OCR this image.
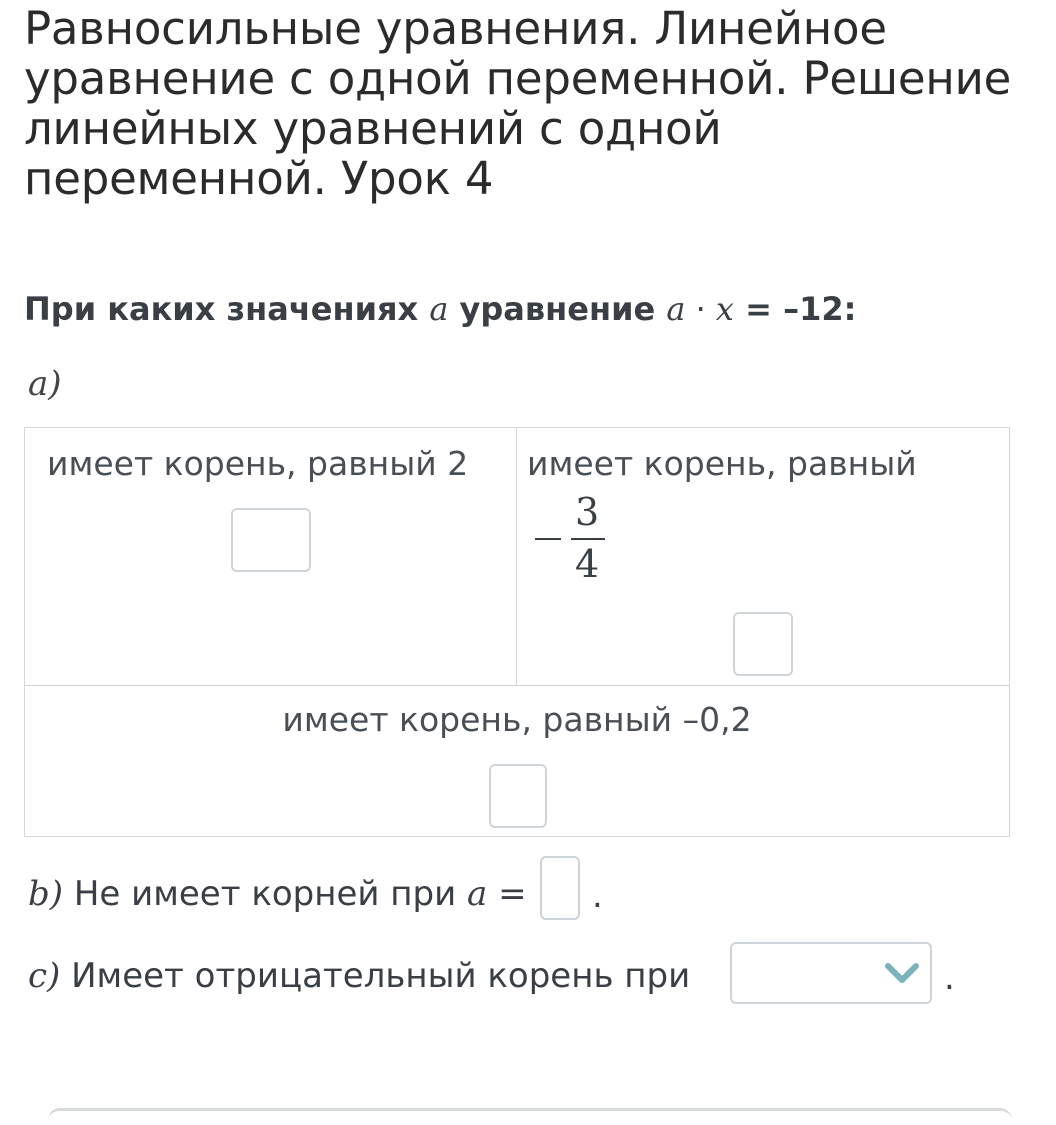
Равносильные уравнения. Линейное уравнение с одной переменной. Решение линейных уравнений с одной переменной. Урок 4
При каких значениях a уравнение a · x = –12:
a)
имеет корень, равный 2 имеет корень, равный
3
4
имеет корень, равный –0,2
b) Не имеет корней при a = .
c) Имеет отрицательный корень при	.
